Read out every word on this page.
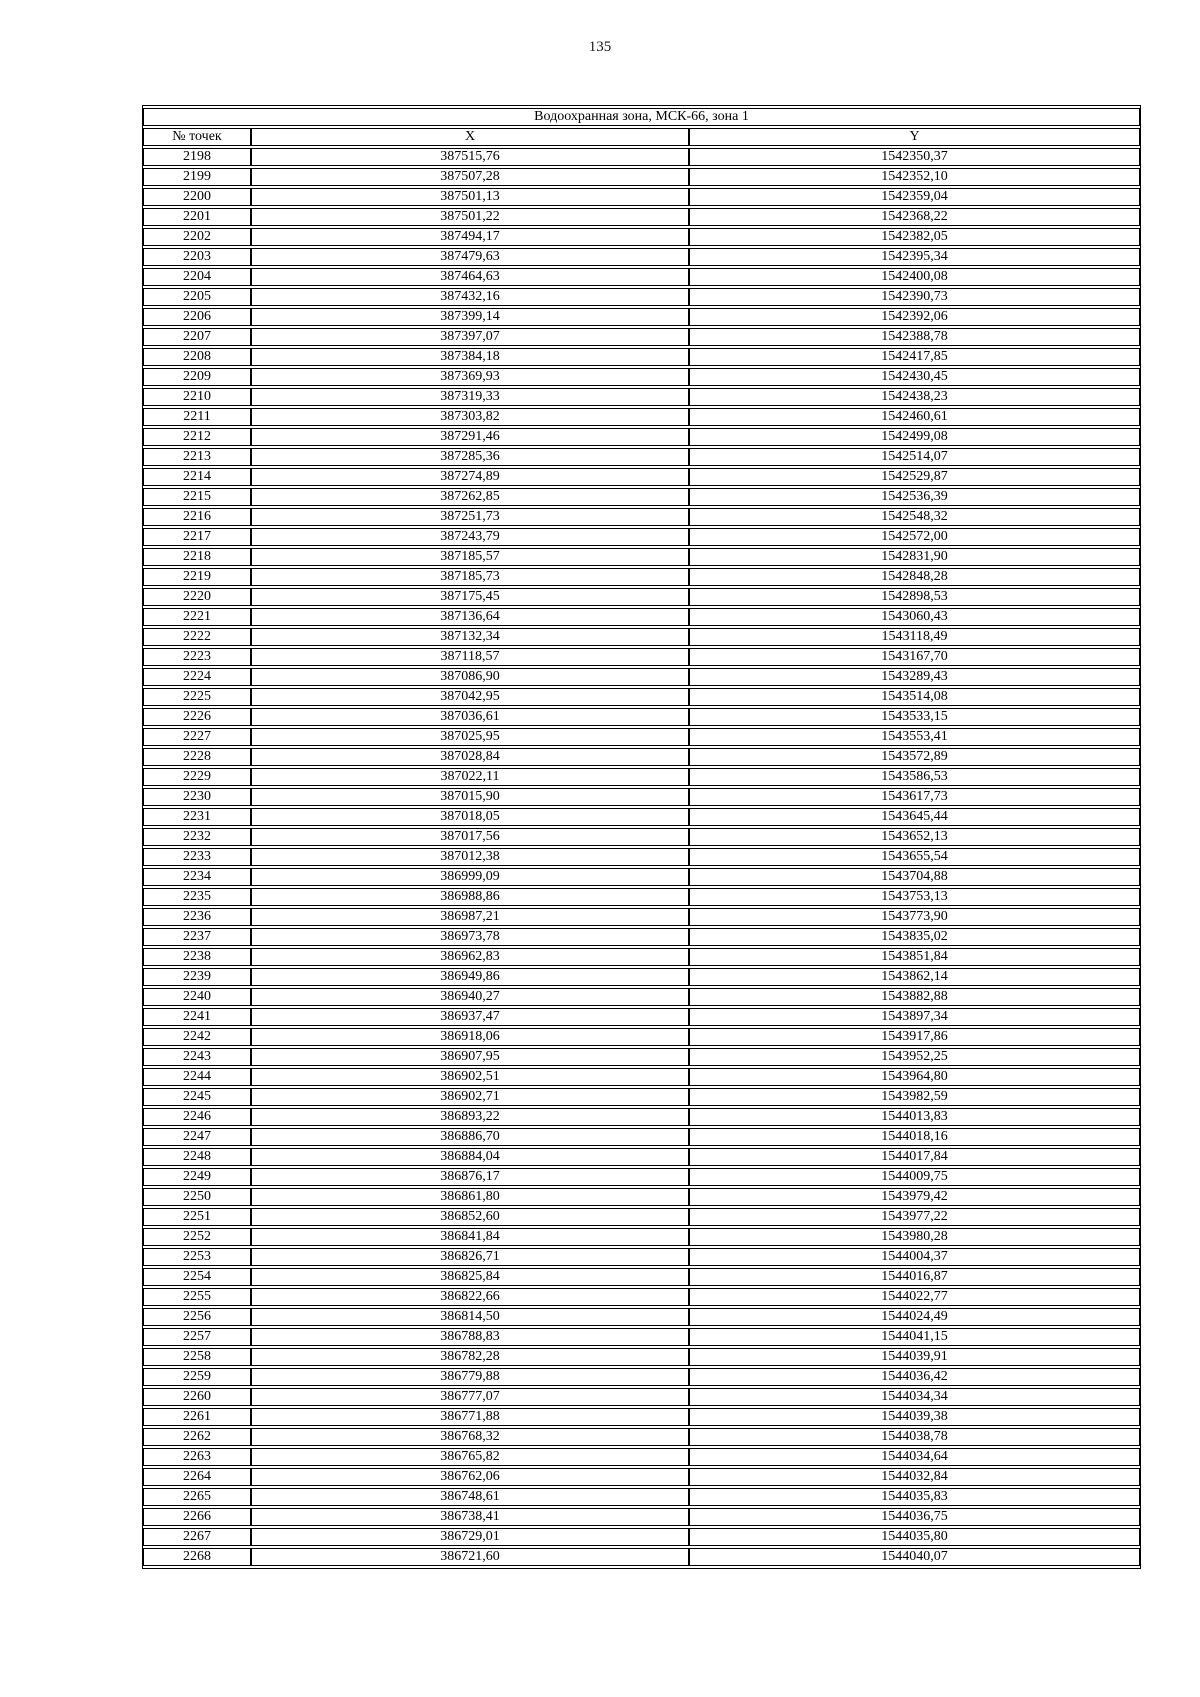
135
Водоохранная зона, МСК-66, зона 1		
№ точек	X	Y
2198	387515,76	1542350,37
2199	387507,28	1542352,10
2200	387501,13	1542359,04
2201	387501,22	1542368,22
2202	387494,17	1542382,05
2203	387479,63	1542395,34
2204	387464,63	1542400,08
2205	387432,16	1542390,73
2206	387399,14	1542392,06
2207	387397,07	1542388,78
2208	387384,18	1542417,85
2209	387369,93	1542430,45
2210	387319,33	1542438,23
2211	387303,82	1542460,61
2212	387291,46	1542499,08
2213	387285,36	1542514,07
2214	387274,89	1542529,87
2215	387262,85	1542536,39
2216	387251,73	1542548,32
2217	387243,79	1542572,00
2218	387185,57	1542831,90
2219	387185,73	1542848,28
2220	387175,45	1542898,53
2221	387136,64	1543060,43
2222	387132,34	1543118,49
2223	387118,57	1543167,70
2224	387086,90	1543289,43
2225	387042,95	1543514,08
2226	387036,61	1543533,15
2227	387025,95	1543553,41
2228	387028,84	1543572,89
2229	387022,11	1543586,53
2230	387015,90	1543617,73
2231	387018,05	1543645,44
2232	387017,56	1543652,13
2233	387012,38	1543655,54
2234	386999,09	1543704,88
2235	386988,86	1543753,13
2236	386987,21	1543773,90
2237	386973,78	1543835,02
2238	386962,83	1543851,84
2239	386949,86	1543862,14
2240	386940,27	1543882,88
2241	386937,47	1543897,34
2242	386918,06	1543917,86
2243	386907,95	1543952,25
2244	386902,51	1543964,80
2245	386902,71	1543982,59
2246	386893,22	1544013,83
2247	386886,70	1544018,16
2248	386884,04	1544017,84
2249	386876,17	1544009,75
2250	386861,80	1543979,42
2251	386852,60	1543977,22
2252	386841,84	1543980,28
2253	386826,71	1544004,37
2254	386825,84	1544016,87
2255	386822,66	1544022,77
2256	386814,50	1544024,49
2257	386788,83	1544041,15
2258	386782,28	1544039,91
2259	386779,88	1544036,42
2260	386777,07	1544034,34
2261	386771,88	1544039,38
2262	386768,32	1544038,78
2263	386765,82	1544034,64
2264	386762,06	1544032,84
2265	386748,61	1544035,83
2266	386738,41	1544036,75
2267	386729,01	1544035,80
2268	386721,60	1544040,07
